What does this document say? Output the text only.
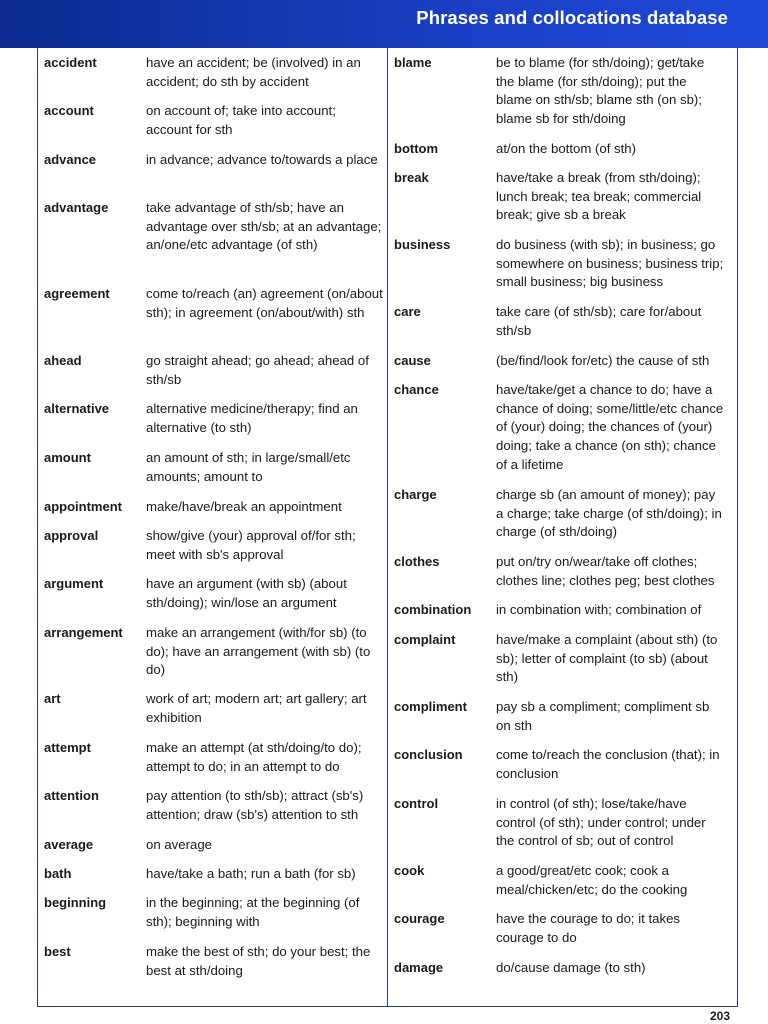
Phrases and collocations database
accident	have an accident; be (involved) in an accident; do sth by accident
account	on account of; take into account; account for sth
advance	in advance; advance to/towards a place
advantage	take advantage of sth/sb; have an advantage over sth/sb; at an advantage; an/one/etc advantage (of sth)
agreement	come to/reach (an) agreement (on/about sth); in agreement (on/about/with) sth
ahead	go straight ahead; go ahead; ahead of sth/sb
alternative	alternative medicine/therapy; find an alternative (to sth)
amount	an amount of sth; in large/small/etc amounts; amount to
appointment make/have/break an appointment
approval	show/give (your) approval of/for sth; meet with sb's approval
argument	have an argument (with sb) (about sth/doing); win/lose an argument
arrangement make an arrangement (with/for sb) (to do); have an arrangement (with sb) (to do)
art	work of art; modern art; art gallery; art exhibition
attempt	make an attempt (at sth/doing/to do); attempt to do; in an attempt to do
attention	pay attention (to sth/sb); attract (sb's) attention; draw (sb's) attention to sth
average	on average
bath	have/take a bath; run a bath (for sb)
beginning	in the beginning; at the beginning (of sth); beginning with
best	make the best of sth; do your best; the best at sth/doing
blame	be to blame (for sth/doing); get/take the blame (for sth/doing); put the blame on sth/sb; blame sth (on sb); blame sb for sth/doing
bottom	at/on the bottom (of sth)
break	have/take a break (from sth/doing); lunch break; tea break; commercial break; give sb a break
business	do business (with sb); in business; go somewhere on business; business trip; small business; big business
care	take care (of sth/sb); care for/about sth/sb
cause	(be/find/look for/etc) the cause of sth
chance	have/take/get a chance to do; have a chance of doing; some/little/etc chance of (your) doing; the chances of (your) doing; take a chance (on sth); chance of a lifetime
charge	charge sb (an amount of money); pay a charge; take charge (of sth/doing); in charge (of sth/doing)
clothes	put on/try on/wear/take off clothes; clothes line; clothes peg; best clothes
combination in combination with; combination of
complaint	have/make a complaint (about sth) (to sb); letter of complaint (to sb) (about sth)
compliment pay sb a compliment; compliment sb on sth
conclusion	come to/reach the conclusion (that); in conclusion
control	in control (of sth); lose/take/have control (of sth); under control; under the control of sb; out of control
cook	a good/great/etc cook; cook a meal/chicken/etc; do the cooking
courage	have the courage to do; it takes courage to do
damage	do/cause damage (to sth)
203
